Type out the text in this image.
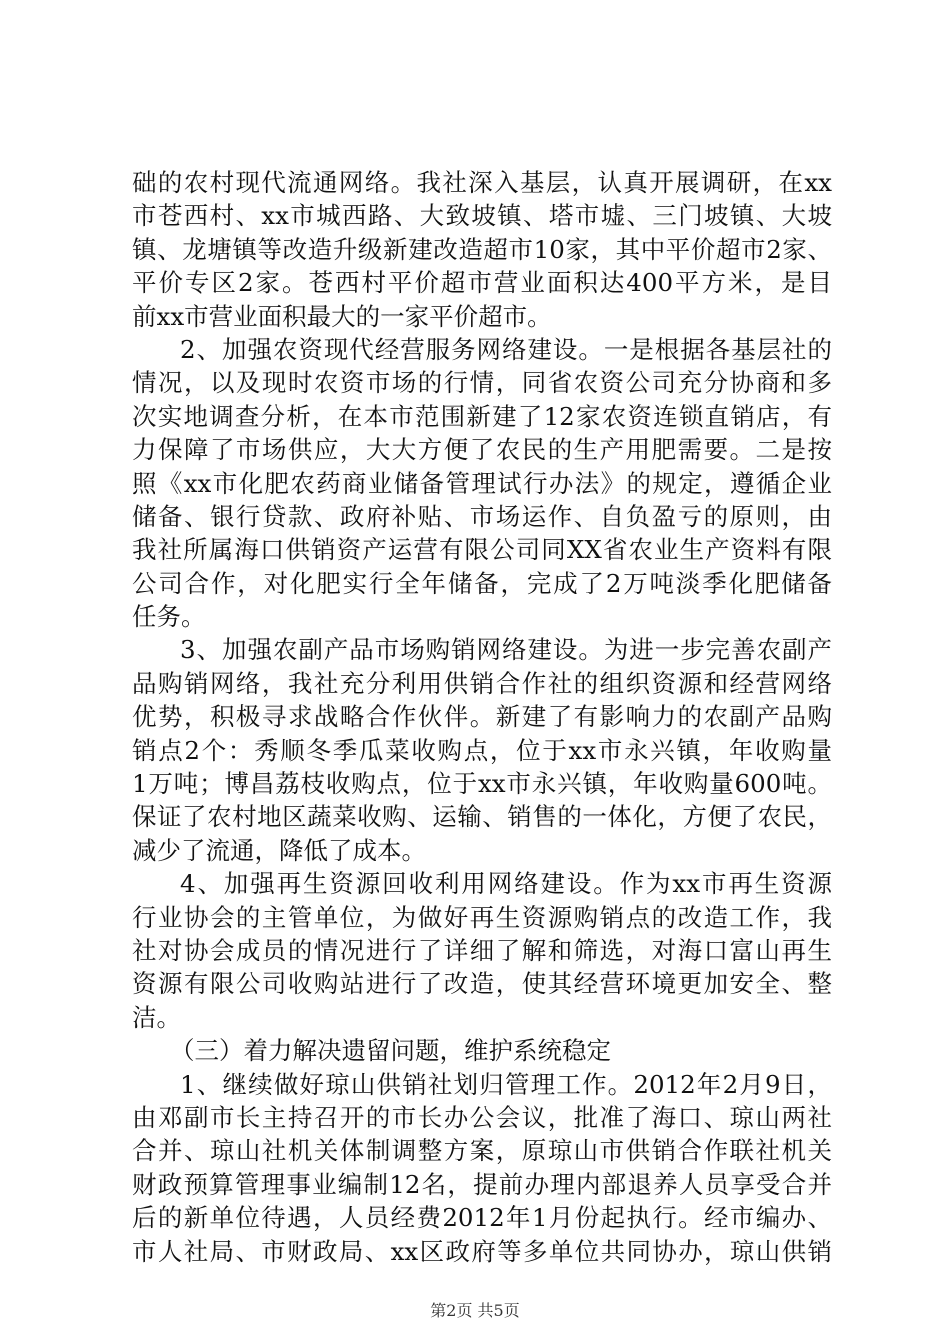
础的农村现代流通网络。我社深入基层，认真开展调研，在xx
市苍西村、xx市城西路、大致坡镇、塔市墟、三门坡镇、大坡
镇、龙塘镇等改造升级新建改造超市10家，其中平价超市2家、
平价专区2家。苍西村平价超市营业面积达400平方米，是目
前xx市营业面积最大的一家平价超市。
2、加强农资现代经营服务网络建设。一是根据各基层社的
情况，以及现时农资市场的行情，同省农资公司充分协商和多
次实地调查分析，在本市范围新建了12家农资连锁直销店，有
力保障了市场供应，大大方便了农民的生产用肥需要。二是按
照《xx市化肥农药商业储备管理试行办法》的规定，遵循企业
储备、银行贷款、政府补贴、市场运作、自负盈亏的原则，由
我社所属海口供销资产运营有限公司同XX省农业生产资料有限
公司合作，对化肥实行全年储备，完成了2万吨淡季化肥储备
任务。
3、加强农副产品市场购销网络建设。为进一步完善农副产
品购销网络，我社充分利用供销合作社的组织资源和经营网络
优势，积极寻求战略合作伙伴。新建了有影响力的农副产品购
销点2个：秀顺冬季瓜菜收购点，位于xx市永兴镇，年收购量
1万吨；博昌荔枝收购点，位于xx市永兴镇，年收购量600吨。
保证了农村地区蔬菜收购、运输、销售的一体化，方便了农民，
减少了流通，降低了成本。
4、加强再生资源回收利用网络建设。作为xx市再生资源
行业协会的主管单位，为做好再生资源购销点的改造工作，我
社对协会成员的情况进行了详细了解和筛选，对海口富山再生
资源有限公司收购站进行了改造，使其经营环境更加安全、整
洁。
（三）着力解决遗留问题，维护系统稳定
1、继续做好琼山供销社划归管理工作。2012年2月9日，
由邓副市长主持召开的市长办公会议，批准了海口、琼山两社
合并、琼山社机关体制调整方案，原琼山市供销合作联社机关
财政预算管理事业编制12名，提前办理内部退养人员享受合并
后的新单位待遇，人员经费2012年1月份起执行。经市编办、
市人社局、市财政局、xx区政府等多单位共同协办，琼山供销
第2页 共5页
